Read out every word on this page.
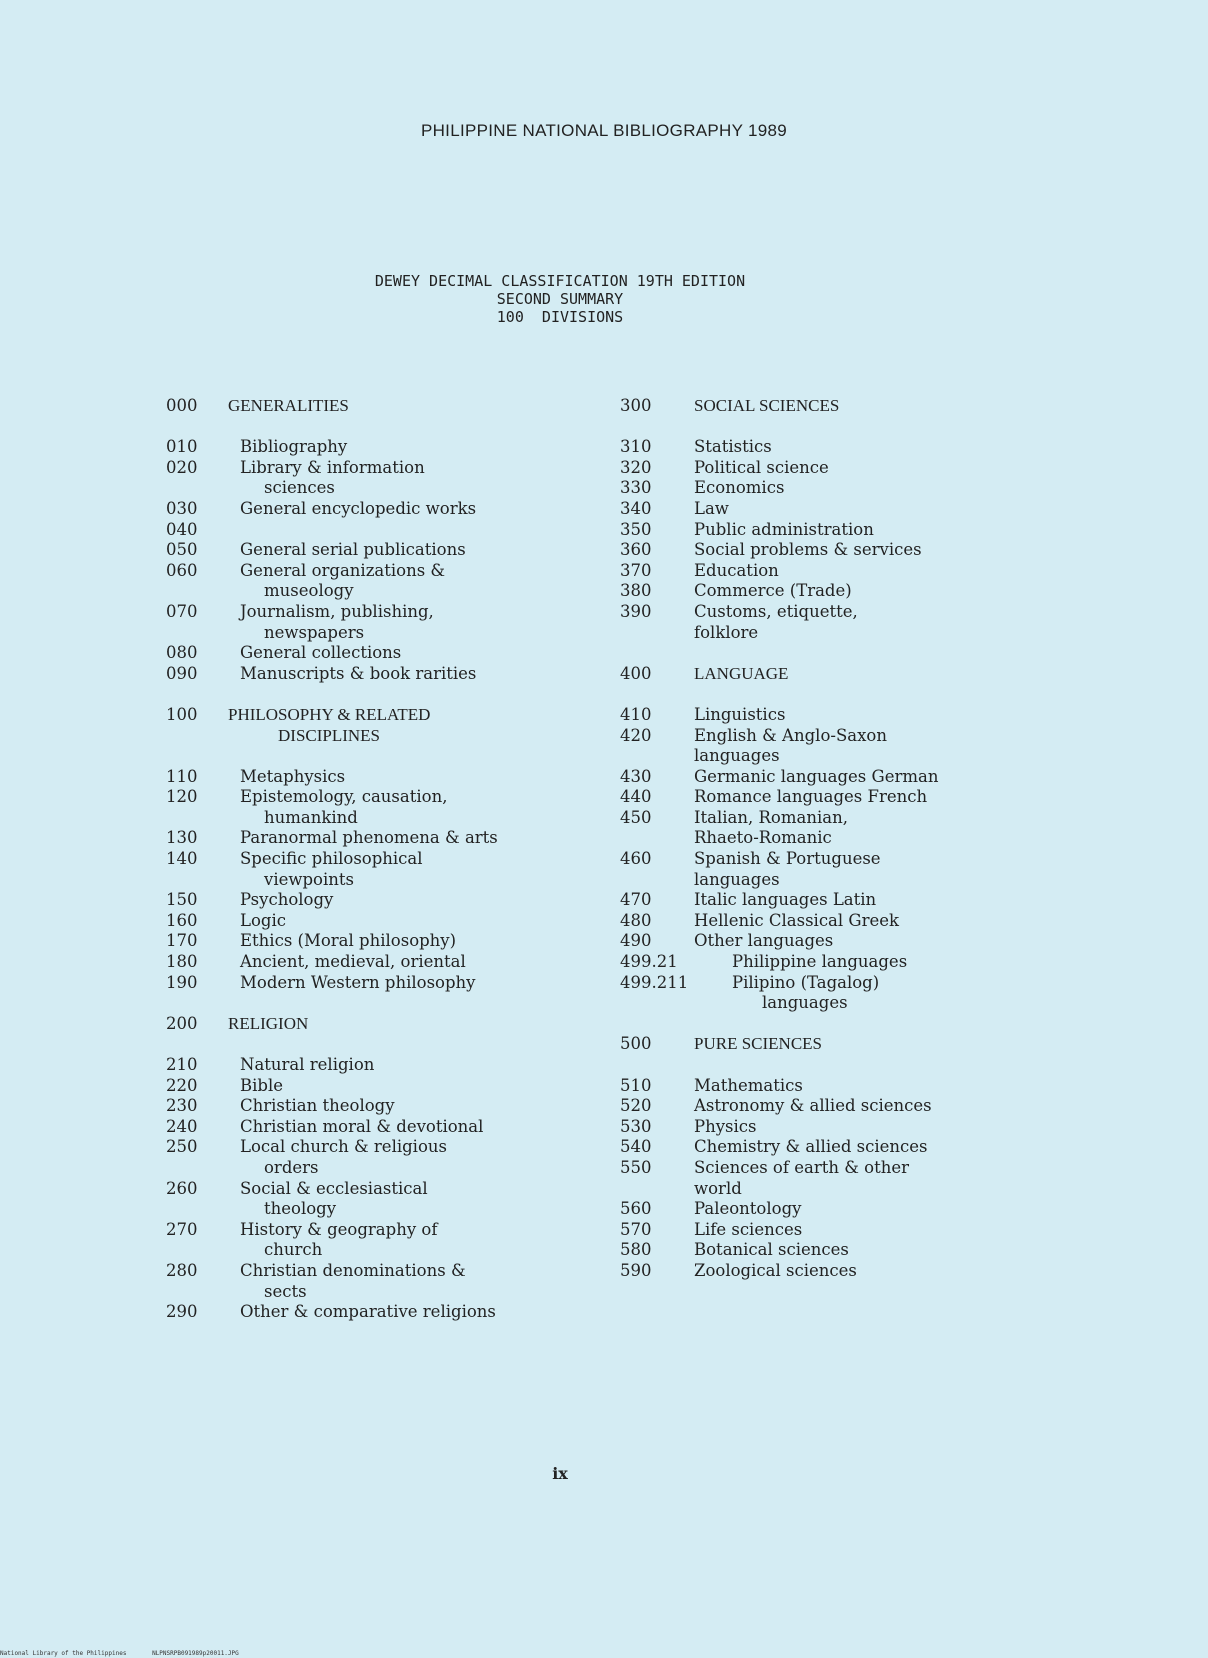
PHILIPPINE NATIONAL BIBLIOGRAPHY 1989
DEWEY DECIMAL CLASSIFICATION 19TH EDITION
SECOND SUMMARY
100  DIVISIONS
000 GENERALITIES
010	Bibliography
020	Library & information
sciences
030	General encyclopedic works
040
050	General serial publications
060	General organizations &
museology
070	Journalism, publishing,
newspapers
080	General collections
090	Manuscripts & book rarities
100 PHILOSOPHY & RELATED
DISCIPLINES
110	Metaphysics
120	Epistemology, causation,
humankind
130	Paranormal phenomena & arts
140	Specific philosophical
viewpoints
150	Psychology
160	Logic
170	Ethics (Moral philosophy)
180	Ancient, medieval, oriental
190	Modern Western philosophy
200 RELIGION
210	Natural religion
220	Bible
230	Christian theology
240	Christian moral & devotional
250	Local church & religious
orders
260	Social & ecclesiastical
theology
270	History & geography of
church
280	Christian denominations &
sects
290	Other & comparative religions
300	SOCIAL SCIENCES
310	Statistics
320	Political science
330	Economics
340	Law
350	Public administration
360	Social problems & services
370	Education
380	Commerce (Trade)
390	Customs, etiquette,
folklore
400	LANGUAGE
410	Linguistics
420	English & Anglo-Saxon
languages
430	Germanic languages German
440	Romance languages French
450	Italian, Romanian,
Rhaeto-Romanic
460	Spanish & Portuguese
languages
470	Italic languages Latin
480	Hellenic Classical Greek
490	Other languages
499.21	Philippine languages
499.211	Pilipino (Tagalog)
languages
500	PURE SCIENCES
510	Mathematics
520	Astronomy & allied sciences
530	Physics
540	Chemistry & allied sciences
550	Sciences of earth & other
world
560	Paleontology
570	Life sciences
580	Botanical sciences
590	Zoological sciences
ix
National Library of the Philippines	NLPNSRPB091989p20011.JPG
